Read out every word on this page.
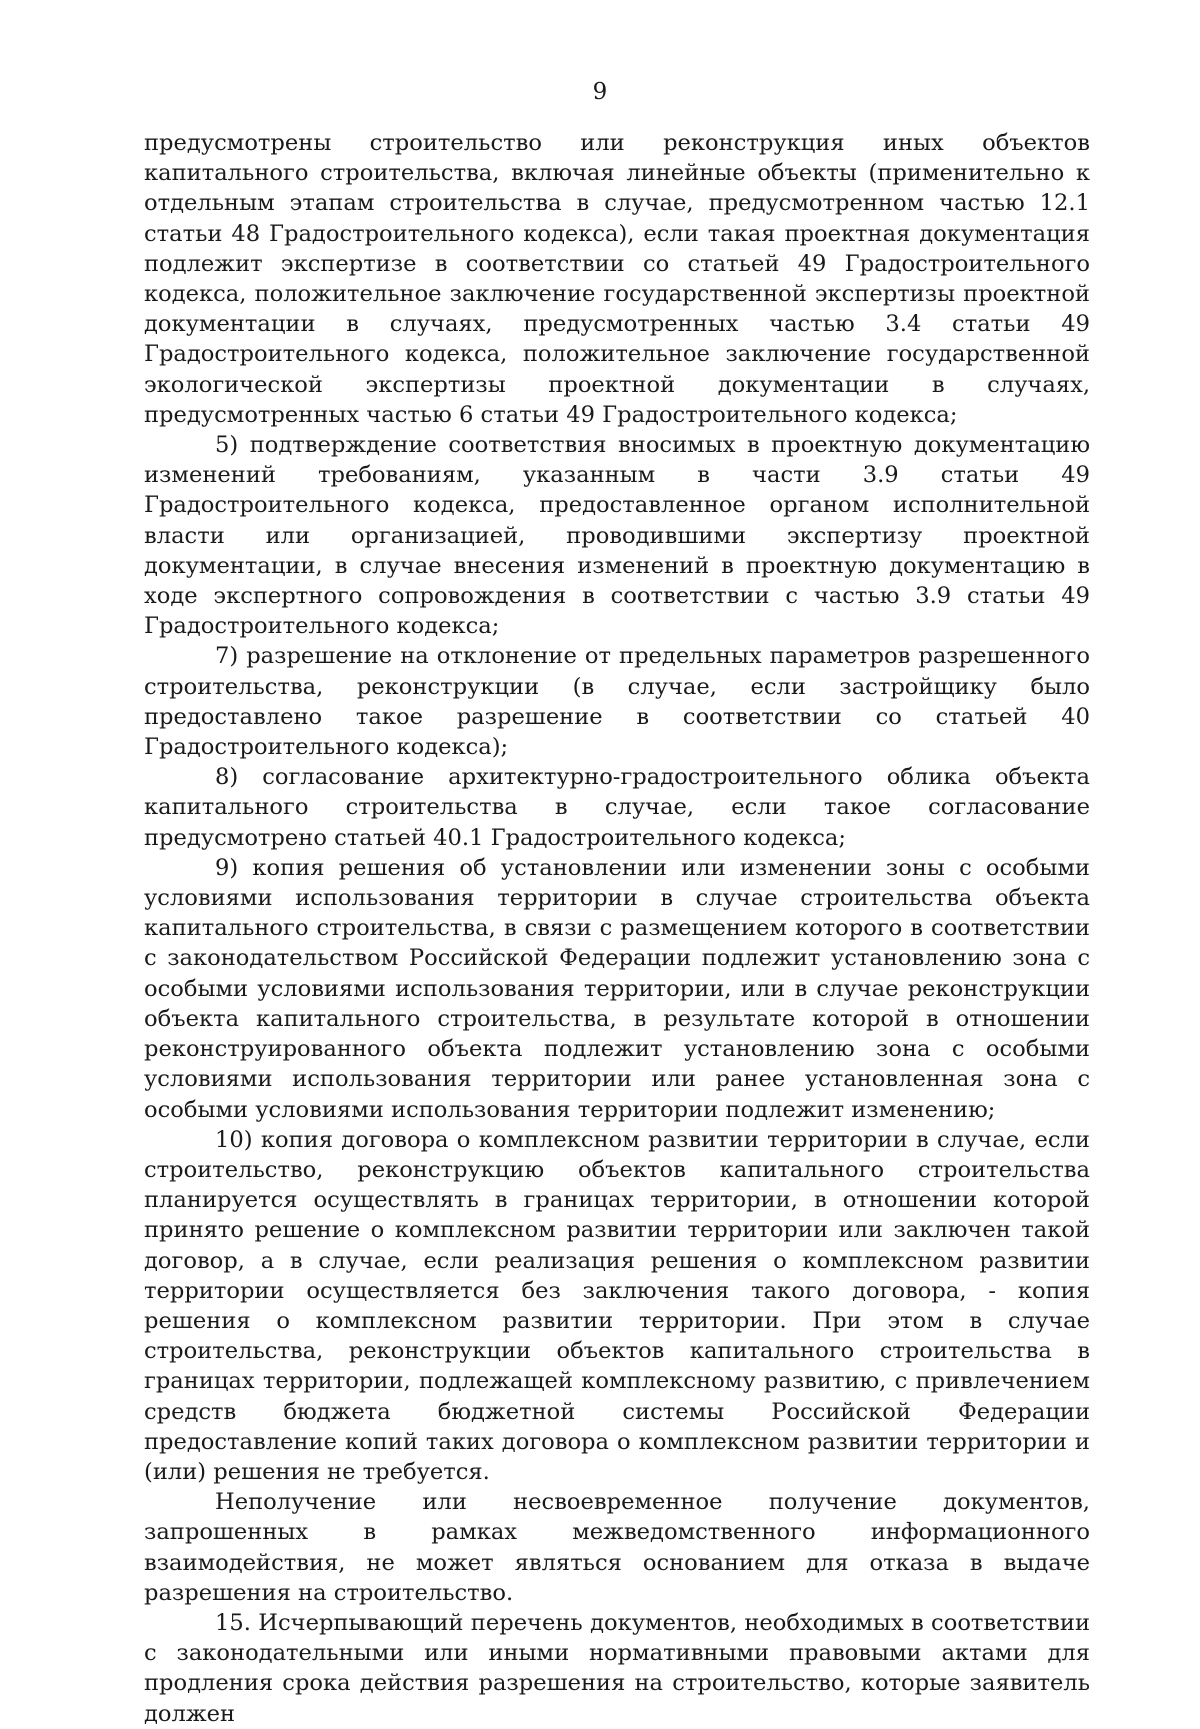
9

предусмотрены строительство или реконструкция иных объектов капитального строительства, включая линейные объекты (применительно к отдельным этапам строительства в случае, предусмотренном частью 12.1 статьи 48 Градостроительного кодекса), если такая проектная документация подлежит экспертизе в соответствии со статьей 49 Градостроительного кодекса, положительное заключение государственной экспертизы проектной документации в случаях, предусмотренных частью 3.4 статьи 49 Градостроительного кодекса, положительное заключение государственной экологической экспертизы проектной документации в случаях, предусмотренных частью 6 статьи 49 Градостроительного кодекса;

5) подтверждение соответствия вносимых в проектную документацию изменений требованиям, указанным в части 3.9 статьи 49 Градостроительного кодекса, предоставленное органом исполнительной власти или организацией, проводившими экспертизу проектной документации, в случае внесения изменений в проектную документацию в ходе экспертного сопровождения в соответствии с частью 3.9 статьи 49 Градостроительного кодекса;

7) разрешение на отклонение от предельных параметров разрешенного строительства, реконструкции (в случае, если застройщику было предоставлено такое разрешение в соответствии со статьей 40 Градостроительного кодекса);

8) согласование архитектурно-градостроительного облика объекта капитального строительства в случае, если такое согласование предусмотрено статьей 40.1 Градостроительного кодекса;

9) копия решения об установлении или изменении зоны с особыми условиями использования территории в случае строительства объекта капитального строительства, в связи с размещением которого в соответствии с законодательством Российской Федерации подлежит установлению зона с особыми условиями использования территории, или в случае реконструкции объекта капитального строительства, в результате которой в отношении реконструированного объекта подлежит установлению зона с особыми условиями использования территории или ранее установленная зона с особыми условиями использования территории подлежит изменению;

10) копия договора о комплексном развитии территории в случае, если строительство, реконструкцию объектов капитального строительства планируется осуществлять в границах территории, в отношении которой принято решение о комплексном развитии территории или заключен такой договор, а в случае, если реализация решения о комплексном развитии территории осуществляется без заключения такого договора, - копия решения о комплексном развитии территории. При этом в случае строительства, реконструкции объектов капитального строительства в границах территории, подлежащей комплексному развитию, с привлечением средств бюджета бюджетной системы Российской Федерации предоставление копий таких договора о комплексном развитии территории и (или) решения не требуется.

Неполучение или несвоевременное получение документов, запрошенных в рамках межведомственного информационного взаимодействия, не может являться основанием для отказа в выдаче разрешения на строительство.

15. Исчерпывающий перечень документов, необходимых в соответствии с законодательными или иными нормативными правовыми актами для продления срока действия разрешения на строительство, которые заявитель должен
